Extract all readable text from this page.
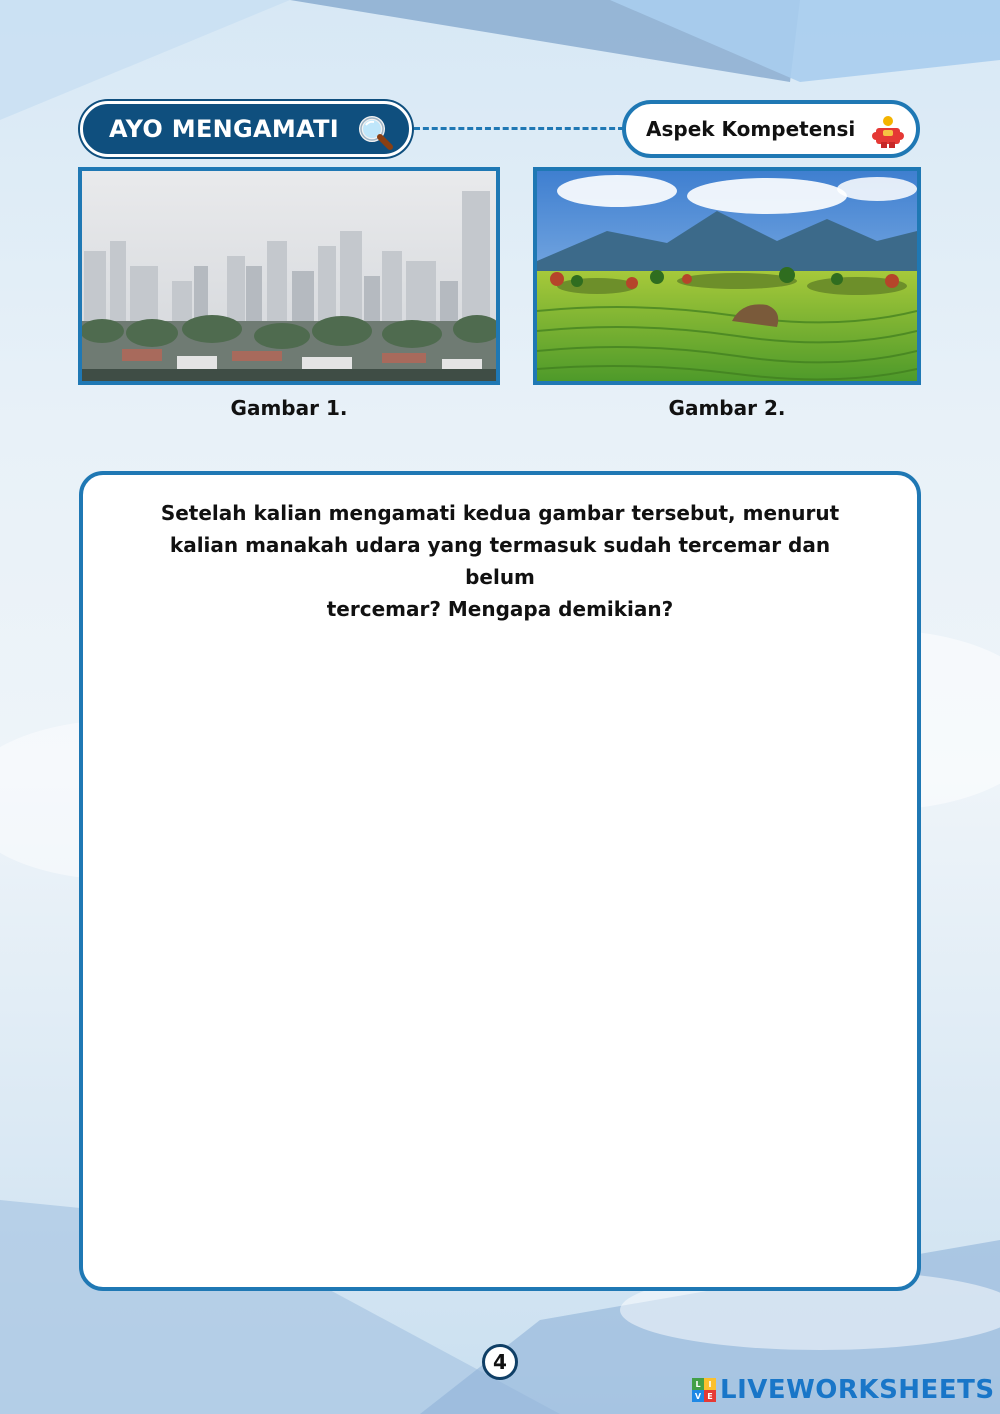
AYO MENGAMATI	Aspek Kompetensi
Gambar 1.	Gambar 2.
Setelah kalian mengamati kedua gambar tersebut, menurut
kalian manakah udara yang termasuk sudah tercemar dan belum
tercemar? Mengapa demikian?
4
L I
V E LIVEWORKSHEETS
